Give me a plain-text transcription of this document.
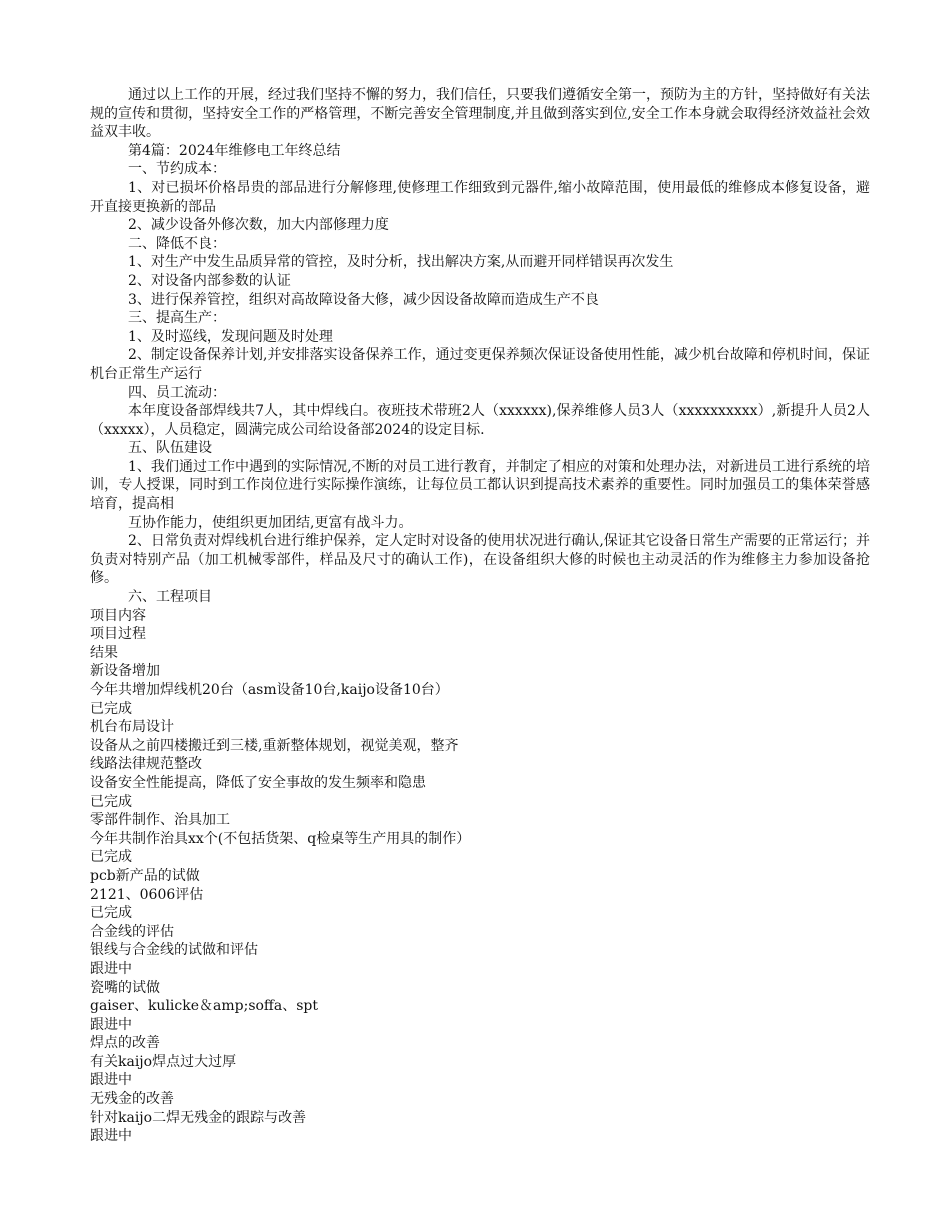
通过以上工作的开展，经过我们坚持不懈的努力，我们信任，只要我们遵循安全第一，预防为主的方针，坚持做好有关法规的宣传和贯彻，坚持安全工作的严格管理，不断完善安全管理制度,并且做到落实到位,安全工作本身就会取得经济效益社会效益双丰收。

第4篇：2024年维修电工年终总结

一、节约成本：

1、对已损坏价格昂贵的部品进行分解修理,使修理工作细致到元器件,缩小故障范围，使用最低的维修成本修复设备，避开直接更换新的部品

2、减少设备外修次数，加大内部修理力度

二、降低不良：

1、对生产中发生品质异常的管控，及时分析，找出解决方案,从而避开同样错误再次发生

2、对设备内部参数的认证

3、进行保养管控，组织对高故障设备大修，减少因设备故障而造成生产不良

三、提高生产：

1、及时巡线，发现问题及时处理

2、制定设备保养计划,并安排落实设备保养工作，通过变更保养频次保证设备使用性能，减少机台故障和停机时间，保证机台正常生产运行

四、员工流动：

本年度设备部焊线共7人，其中焊线白。夜班技术带班2人（xxxxxx),保养维修人员3人（xxxxxxxxxx）,新提升人员2人（xxxxx），人员稳定，圆满完成公司给设备部2024的设定目标.

五、队伍建设

1、我们通过工作中遇到的实际情况,不断的对员工进行教育，并制定了相应的对策和处理办法，对新进员工进行系统的培训，专人授课，同时到工作岗位进行实际操作演练，让每位员工都认识到提高技术素养的重要性。同时加强员工的集体荣誉感培育，提高相

互协作能力，使组织更加团结,更富有战斗力。

2、日常负责对焊线机台进行维护保养，定人定时对设备的使用状况进行确认,保证其它设备日常生产需要的正常运行；并负责对特别产品（加工机械零部件，样品及尺寸的确认工作)，在设备组织大修的时候也主动灵活的作为维修主力参加设备抢修。

六、工程项目

项目内容

项目过程

结果

新设备增加

今年共增加焊线机20台（asm设备10台,kaijo设备10台）

已完成

机台布局设计

设备从之前四楼搬迁到三楼,重新整体规划，视觉美观，整齐

线路法律规范整改

设备安全性能提高，降低了安全事故的发生频率和隐患

已完成

零部件制作、治具加工

今年共制作治具xx个(不包括货架、q检桌等生产用具的制作）

已完成

pcb新产品的试做

2121、0606评估

已完成

合金线的评估

银线与合金线的试做和评估

跟进中

瓷嘴的试做

gaiser、kulicke＆amp;soffa、spt

跟进中

焊点的改善

有关kaijo焊点过大过厚

跟进中

无残金的改善

针对kaijo二焊无残金的跟踪与改善

跟进中
